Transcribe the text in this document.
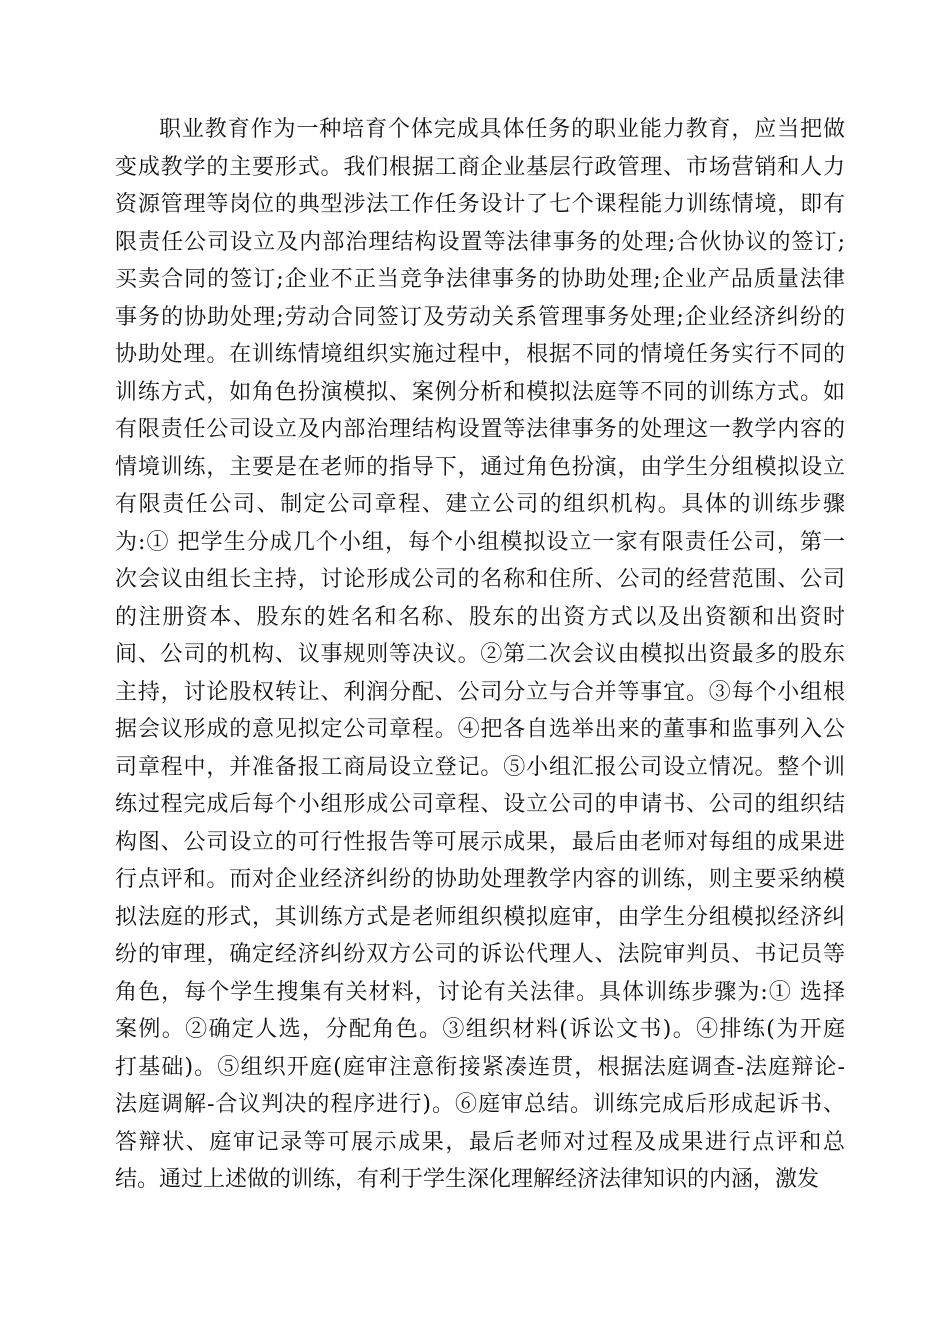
职业教育作为一种培育个体完成具体任务的职业能力教育，应当把做
变成教学的主要形式。我们根据工商企业基层行政管理、市场营销和人力
资源管理等岗位的典型涉法工作任务设计了七个课程能力训练情境，即有
限责任公司设立及内部治理结构设置等法律事务的处理;合伙协议的签订;
买卖合同的签订;企业不正当竞争法律事务的协助处理;企业产品质量法律
事务的协助处理;劳动合同签订及劳动关系管理事务处理;企业经济纠纷的
协助处理。在训练情境组织实施过程中，根据不同的情境任务实行不同的
训练方式，如角色扮演模拟、案例分析和模拟法庭等不同的训练方式。如
有限责任公司设立及内部治理结构设置等法律事务的处理这一教学内容的
情境训练，主要是在老师的指导下，通过角色扮演，由学生分组模拟设立
有限责任公司、制定公司章程、建立公司的组织机构。具体的训练步骤
为:① 把学生分成几个小组，每个小组模拟设立一家有限责任公司，第一
次会议由组长主持，讨论形成公司的名称和住所、公司的经营范围、公司
的注册资本、股东的姓名和名称、股东的出资方式以及出资额和出资时
间、公司的机构、议事规则等决议。②第二次会议由模拟出资最多的股东
主持，讨论股权转让、利润分配、公司分立与合并等事宜。③每个小组根
据会议形成的意见拟定公司章程。④把各自选举出来的董事和监事列入公
司章程中，并准备报工商局设立登记。⑤小组汇报公司设立情况。整个训
练过程完成后每个小组形成公司章程、设立公司的申请书、公司的组织结
构图、公司设立的可行性报告等可展示成果，最后由老师对每组的成果进
行点评和。而对企业经济纠纷的协助处理教学内容的训练，则主要采纳模
拟法庭的形式，其训练方式是老师组织模拟庭审，由学生分组模拟经济纠
纷的审理，确定经济纠纷双方公司的诉讼代理人、法院审判员、书记员等
角色，每个学生搜集有关材料，讨论有关法律。具体训练步骤为:① 选择
案例。②确定人选，分配角色。③组织材料(诉讼文书)。④排练(为开庭
打基础)。⑤组织开庭(庭审注意衔接紧凑连贯，根据法庭调查-法庭辩论-
法庭调解-合议判决的程序进行)。⑥庭审总结。训练完成后形成起诉书、
答辩状、庭审记录等可展示成果，最后老师对过程及成果进行点评和总
结。通过上述做的训练，有利于学生深化理解经济法律知识的内涵，激发
